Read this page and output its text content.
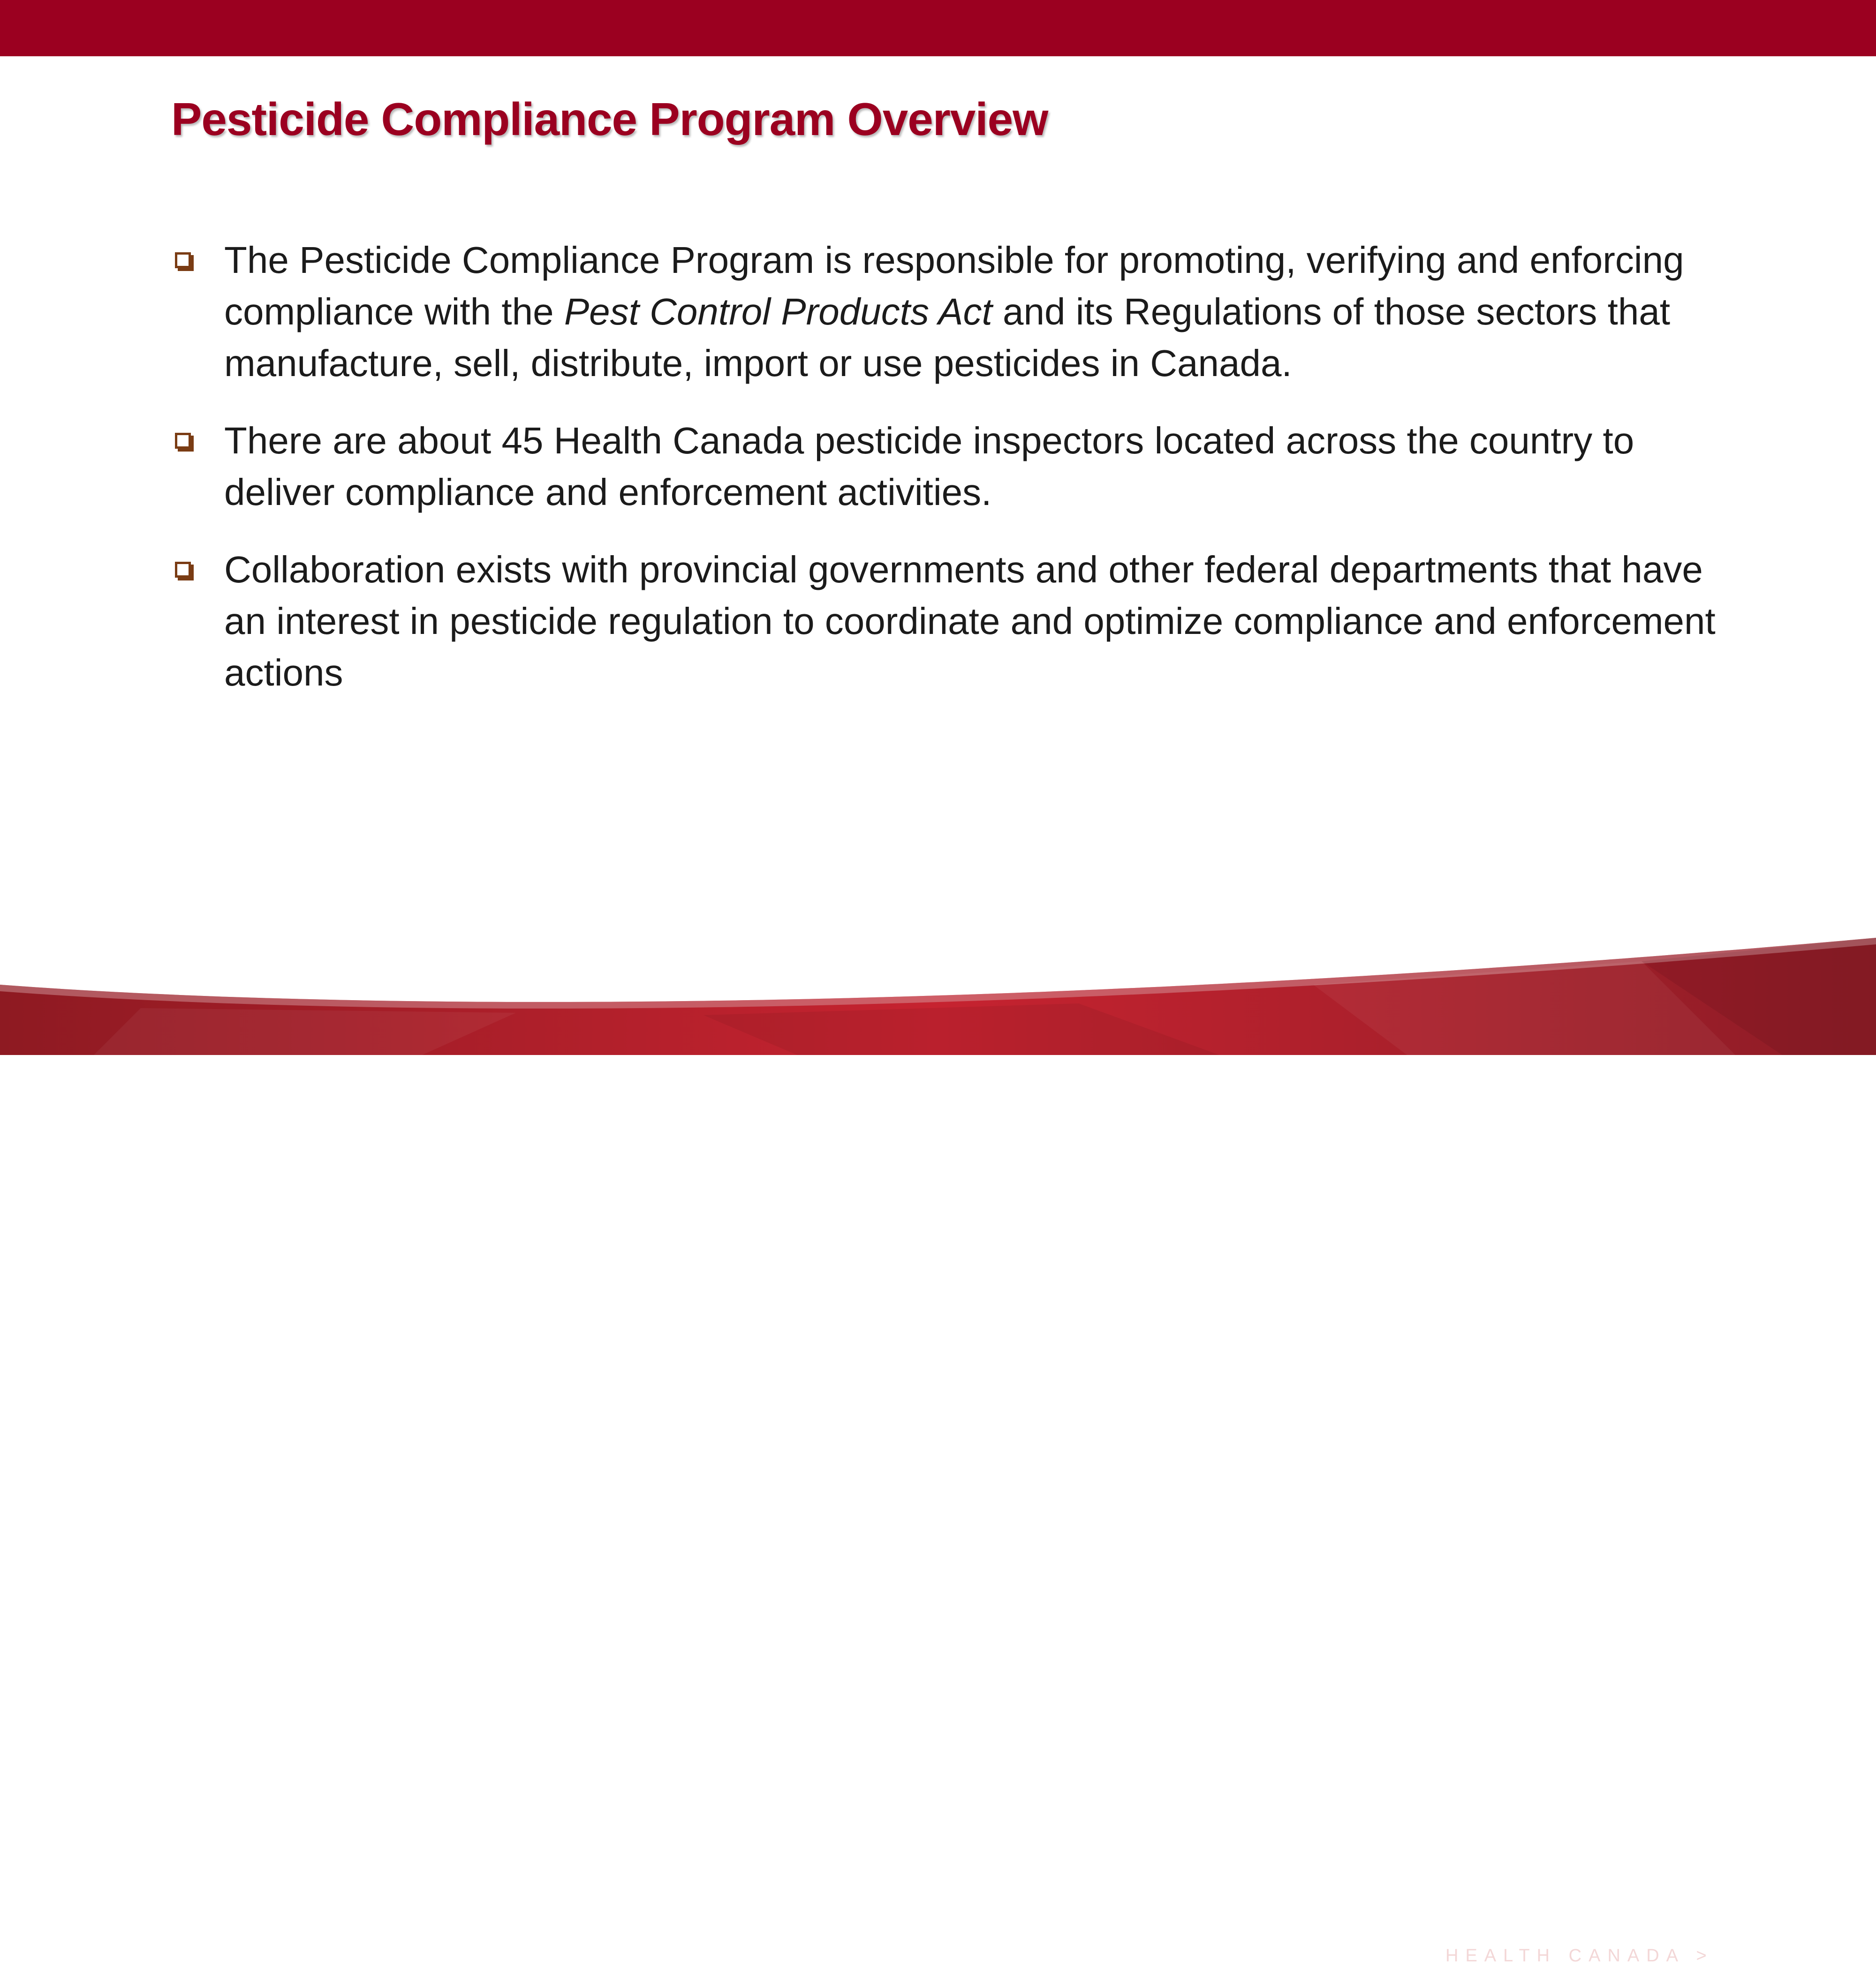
Pesticide Compliance Program Overview
The Pesticide Compliance Program is responsible for promoting, verifying and enforcing compliance with the Pest Control Products Act and its Regulations of those sectors that manufacture, sell, distribute, import or use pesticides in Canada.
There are about 45 Health Canada pesticide inspectors located across the country to deliver compliance and enforcement activities.
Collaboration exists with provincial governments and other federal departments that have an interest in pesticide regulation to coordinate and optimize compliance and enforcement actions
HEALTH CANADA > 2
